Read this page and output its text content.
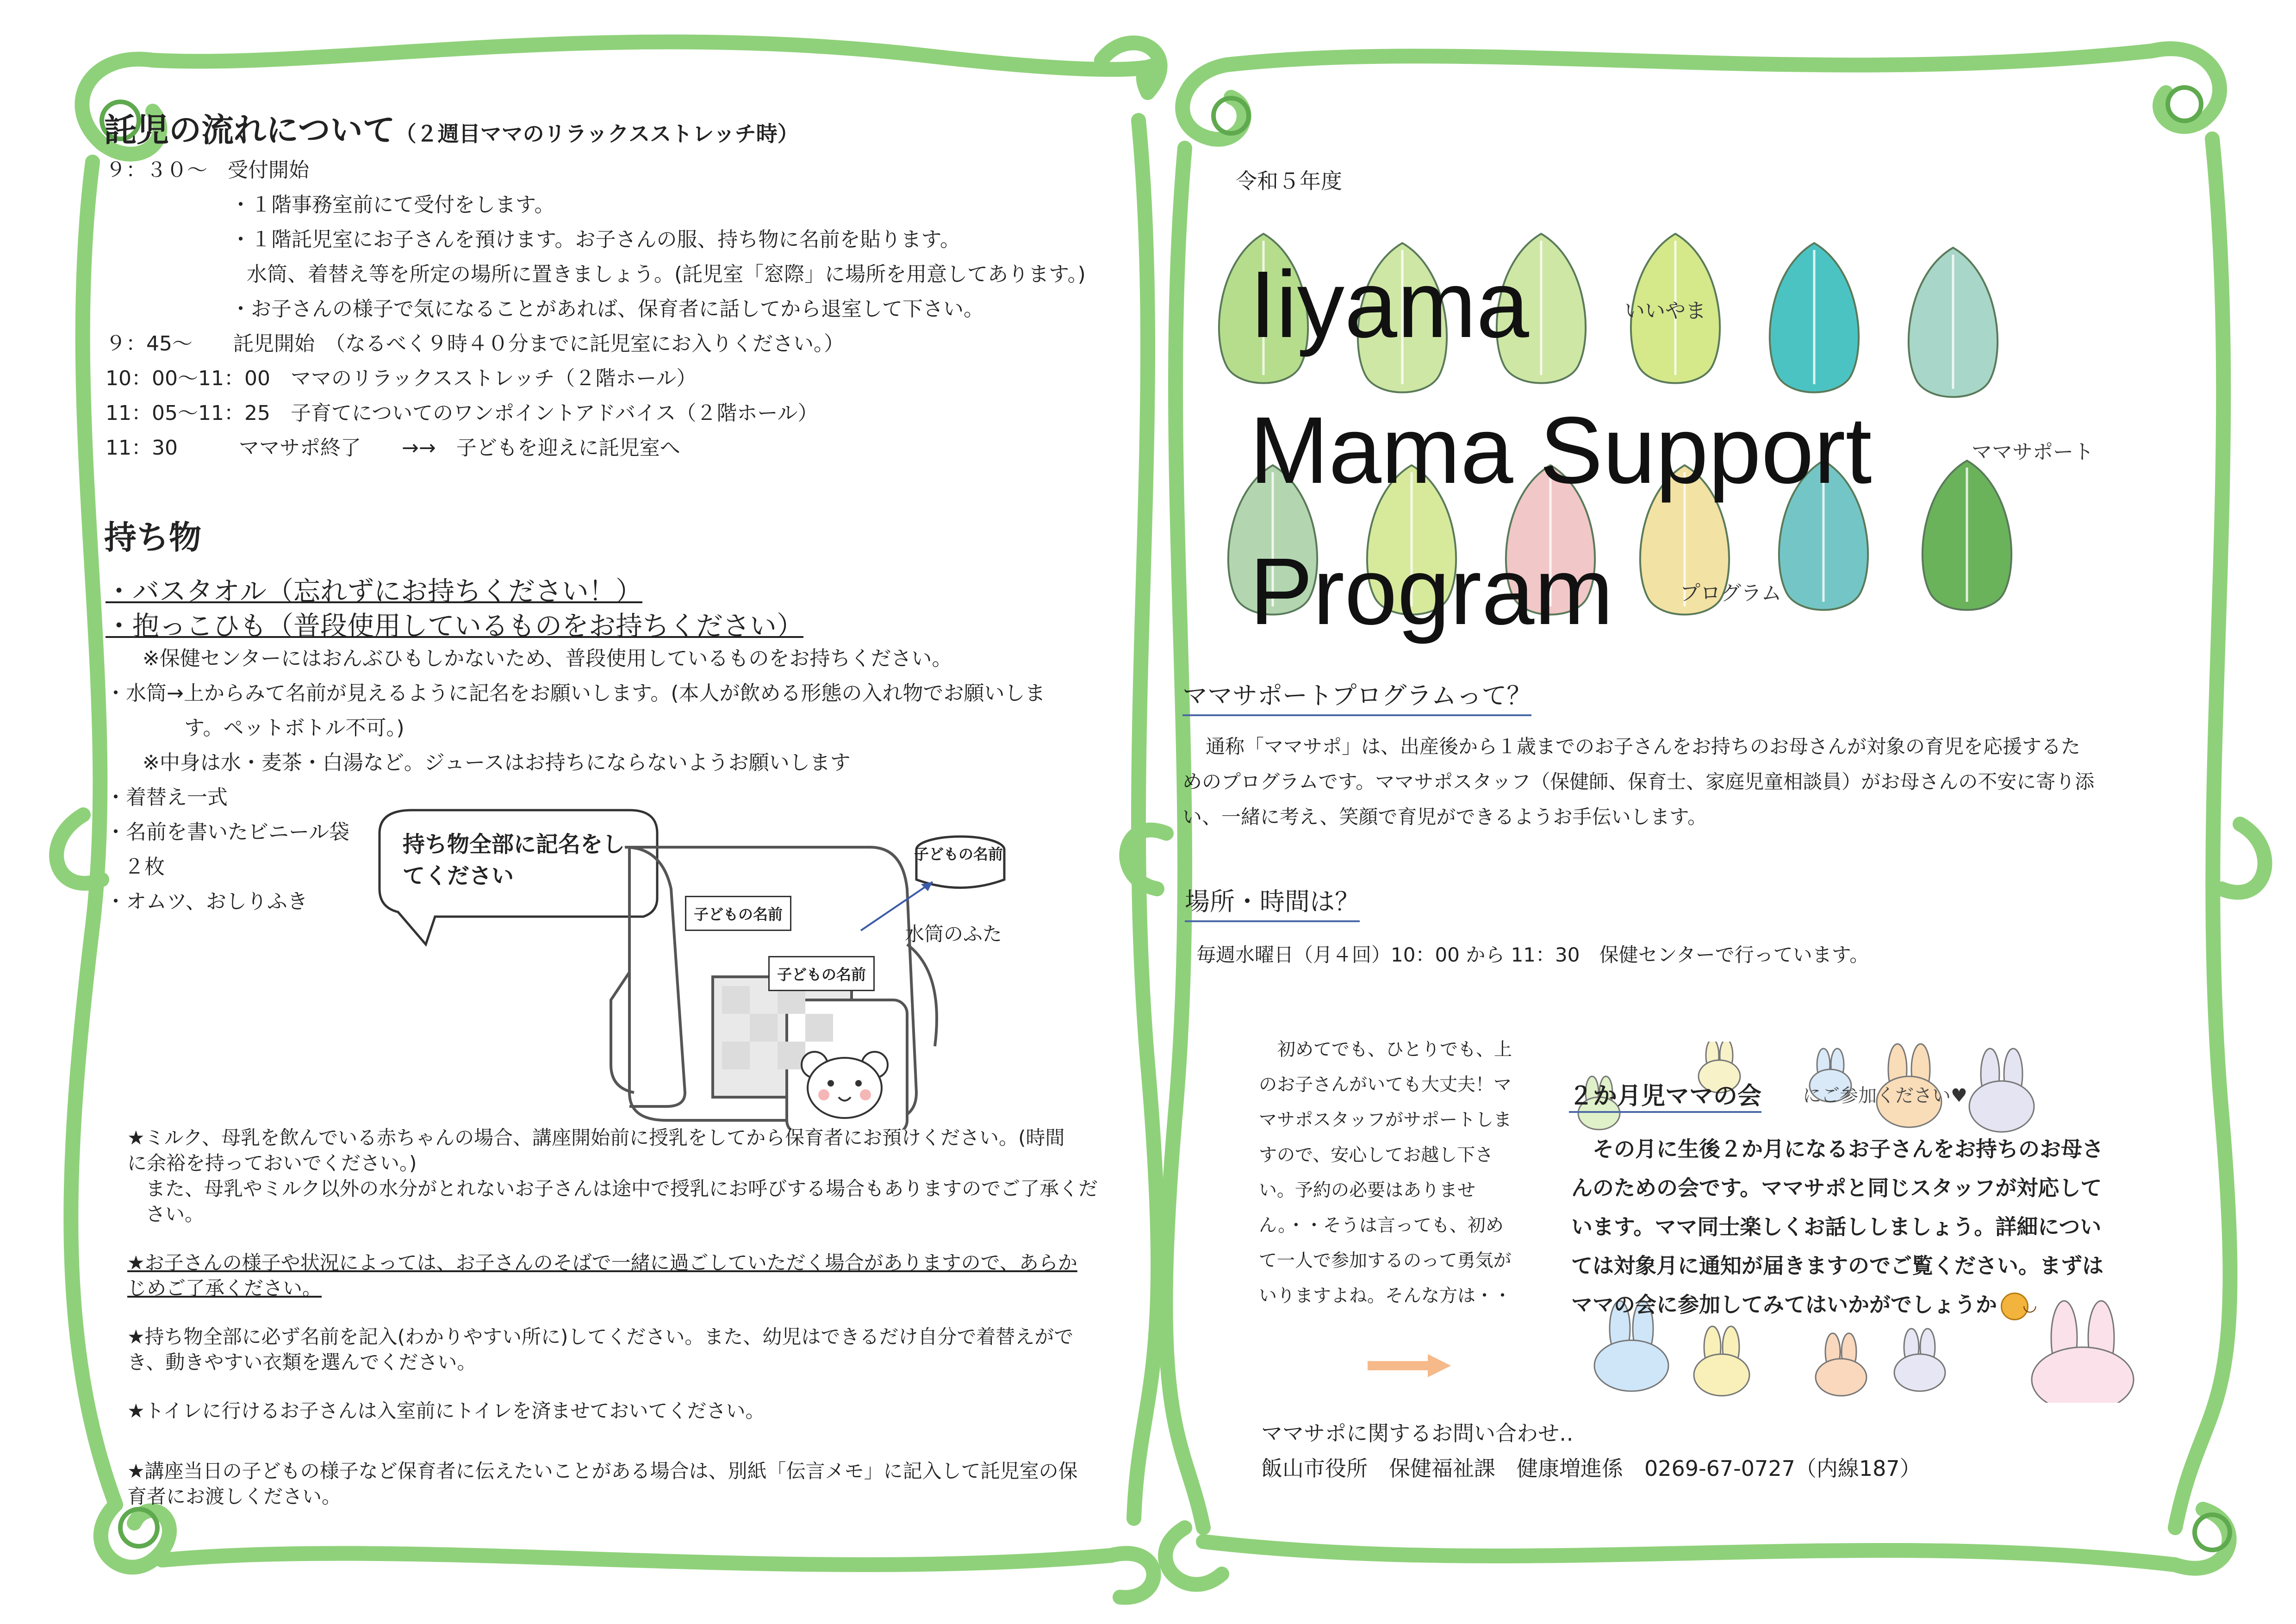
託児の流れについて（２週目ママのリラックスストレッチ時）
９：３０～　受付開始
・１階事務室前にて受付をします。
・１階託児室にお子さんを預けます。お子さんの服、持ち物に名前を貼ります。
水筒、着替え等を所定の場所に置きましょう。(託児室「窓際」に場所を用意してあります。)
・お子さんの様子で気になることがあれば、保育者に話してから退室して下さい。
９：45～　　託児開始　（なるべく９時４０分までに託児室にお入りください。）
10：00～11：00　ママのリラックスストレッチ（２階ホール）
11：05～11：25　子育てについてのワンポイントアドバイス（２階ホール）
11：30　　　ママサポ終了　　→→　子どもを迎えに託児室へ
持ち物
・バスタオル（忘れずにお持ちください！）
・抱っこひも（普段使用しているものをお持ちください）
※保健センターにはおんぶひもしかないため、普段使用しているものをお持ちください。
・水筒→上からみて名前が見えるように記名をお願いします。(本人が飲める形態の入れ物でお願いしま
す。ペットボトル不可。)
※中身は水・麦茶・白湯など。ジュースはお持ちにならないようお願いします
・着替え一式
・名前を書いたビニール袋
２枚
・オムツ、おしりふき
持ち物全部に記名をしてください
子どもの名前
子どもの名前
子どもの名前
水筒のふた
★ミルク、母乳を飲んでいる赤ちゃんの場合、講座開始前に授乳をしてから保育者にお預けください。(時間に余裕を持っておいでください。)
また、母乳やミルク以外の水分がとれないお子さんは途中で授乳にお呼びする場合もありますのでご了承ください。
★お子さんの様子や状況によっては、お子さんのそばで一緒に過ごしていただく場合がありますので、あらかじめご了承ください。
★持ち物全部に必ず名前を記入(わかりやすい所に)してください。また、幼児はできるだけ自分で着替えができ、動きやすい衣類を選んでください。
★トイレに行けるお子さんは入室前にトイレを済ませておいてください。
★講座当日の子どもの様子など保育者に伝えたいことがある場合は、別紙「伝言メモ」に記入して託児室の保育者にお渡しください。
令和５年度
Iiyama	いいやま
Mama Support	ママサポート
Program	プログラム
ママサポートプログラムって？
通称「ママサポ」は、出産後から１歳までのお子さんをお持ちのお母さんが対象の育児を応援するためのプログラムです。ママサポスタッフ（保健師、保育士、家庭児童相談員）がお母さんの不安に寄り添い、一緒に考え、笑顔で育児ができるようお手伝いします。
場所・時間は？
毎週水曜日（月４回）10：00 から 11：30　保健センターで行っています。
初めてでも、ひとりでも、上のお子さんがいても大丈夫！ママサポスタッフがサポートしますので、安心してお越し下さい。予約の必要はありません。・・そうは言っても、初めて一人で参加するのって勇気がいりますよね。そんな方は・・
２か月児ママの会 にご参加ください♥
その月に生後２か月になるお子さんをお持ちのお母さんのための会です。ママサポと同じスタッフが対応しています。ママ同士楽しくお話ししましょう。詳細については対象月に通知が届きますのでご覧ください。まずはママの会に参加してみてはいかがでしょうか ◡
ママサポに関するお問い合わせ‥
飯山市役所　保健福祉課　健康増進係　0269-67-0727（内線187）
